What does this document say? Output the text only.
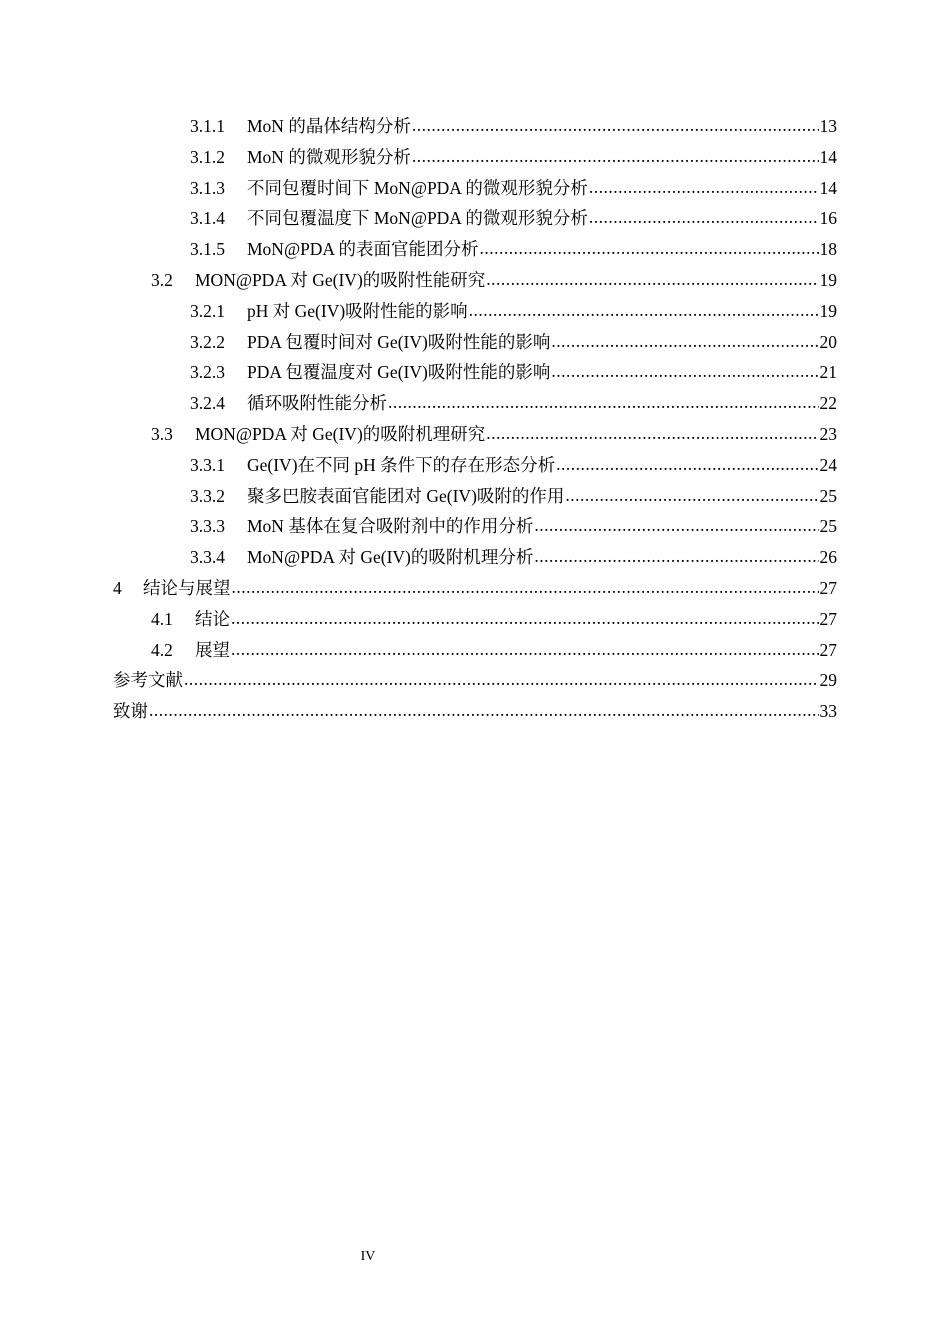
3.1.1	MoN 的晶体结构分析 .....	13
3.1.2	MoN 的微观形貌分析 .....	14
3.1.3	不同包覆时间下 MoN@PDA 的微观形貌分析 .....	14
3.1.4	不同包覆温度下 MoN@PDA 的微观形貌分析 .....	16
3.1.5	MoN@PDA 的表面官能团分析 .....	18
3.2	MON@PDA 对 Ge(IV)的吸附性能研究 .....	19
3.2.1	pH 对 Ge(IV)吸附性能的影响 .....	19
3.2.2	PDA 包覆时间对 Ge(IV)吸附性能的影响 .....	20
3.2.3	PDA 包覆温度对 Ge(IV)吸附性能的影响 .....	21
3.2.4	循环吸附性能分析 .....	22
3.3	MON@PDA 对 Ge(IV)的吸附机理研究 .....	23
3.3.1	Ge(IV)在不同 pH 条件下的存在形态分析 .....	24
3.3.2	聚多巴胺表面官能团对 Ge(IV)吸附的作用 .....	25
3.3.3	MoN 基体在复合吸附剂中的作用分析 .....	25
3.3.4	MoN@PDA 对 Ge(IV)的吸附机理分析 .....	26
4	结论与展望 .....	27
4.1	结论 .....	27
4.2	展望 .....	27
参考文献 .....	29
致谢 .....	33
IV
